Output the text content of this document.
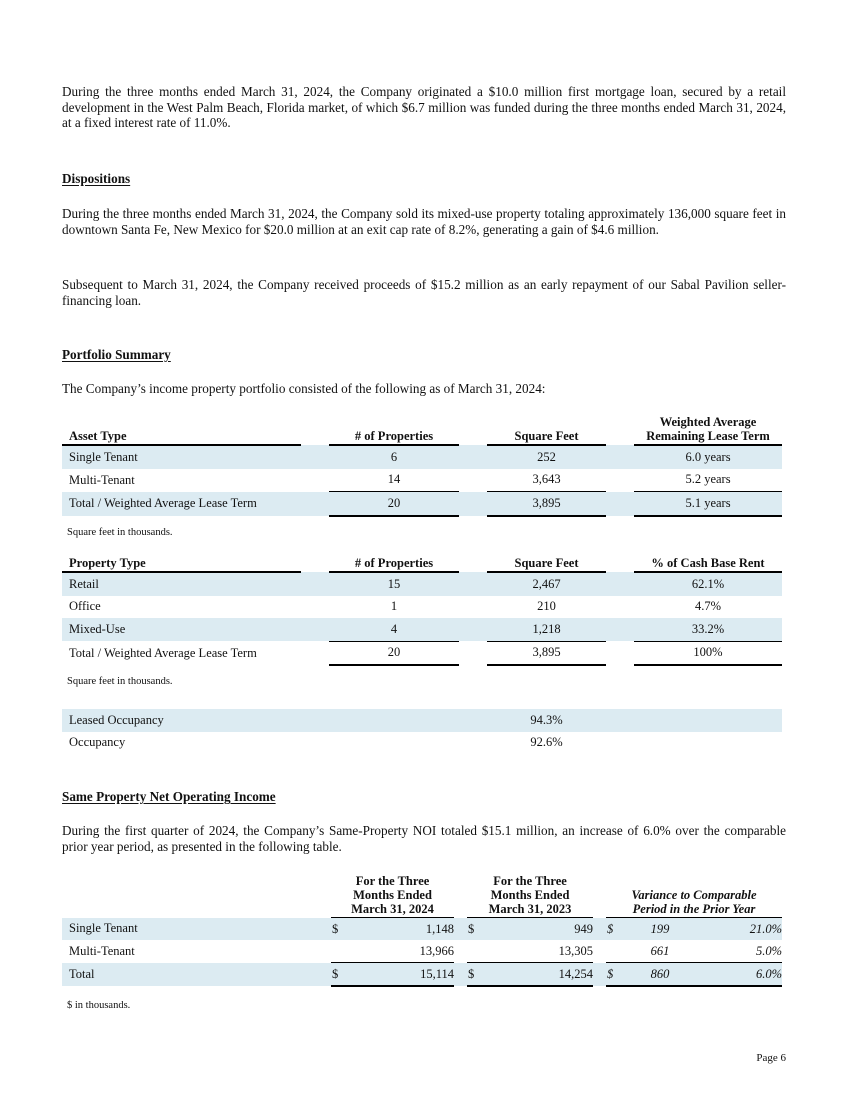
During the three months ended March 31, 2024, the Company originated a $10.0 million first mortgage loan, secured by a retail development in the West Palm Beach, Florida market, of which $6.7 million was funded during the three months ended March 31, 2024, at a fixed interest rate of 11.0%.

Dispositions

During the three months ended March 31, 2024, the Company sold its mixed-use property totaling approximately 136,000 square feet in downtown Santa Fe, New Mexico for $20.0 million at an exit cap rate of 8.2%, generating a gain of $4.6 million.

Subsequent to March 31, 2024, the Company received proceeds of $15.2 million as an early repayment of our Sabal Pavilion seller-financing loan.

Portfolio Summary

The Company’s income property portfolio consisted of the following as of March 31, 2024:

Asset Type		# of Properties		Square Feet		Weighted Average
Remaining Lease Term
Single Tenant		6		252		6.0 years
Multi-Tenant		14		3,643		5.2 years
Total / Weighted Average Lease Term		20		3,895		5.1 years
Square feet in thousands.
Property Type		# of Properties		Square Feet		% of Cash Base Rent
Retail		15		2,467		62.1%
Office		1		210		4.7%
Mixed-Use		4		1,218		33.2%
Total / Weighted Average Lease Term		20		3,895		100%
Square feet in thousands.
Leased Occupancy				94.3%		
Occupancy				92.6%		

Same Property Net Operating Income

During the first quarter of 2024, the Company’s Same-Property NOI totaled $15.1 million, an increase of 6.0% over the comparable prior year period, as presented in the following table.

	For the Three
Months Ended
March 31, 2024			For the Three
Months Ended
March 31, 2023			Variance to Comparable
Period in the Prior Year		
Single Tenant	$	1,148		$	949		$	199	21.0%
Multi-Tenant		13,966			13,305			661	5.0%
Total	$	15,114		$	14,254		$	860	6.0%
$ in thousands.
Page 6
